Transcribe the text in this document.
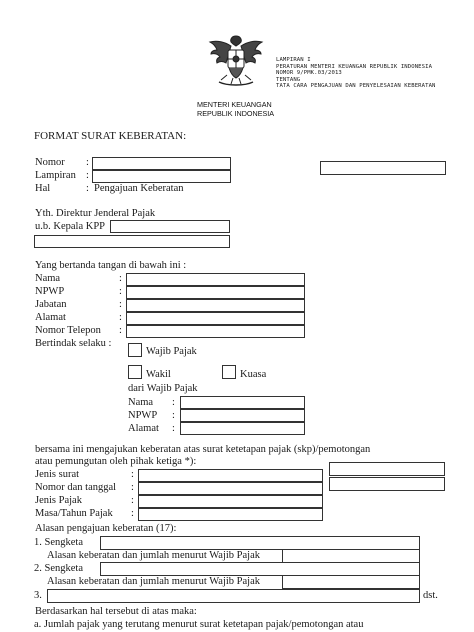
LAMPIRAN I
PERATURAN MENTERI KEUANGAN REPUBLIK INDONESIA
NOMOR 9/PMK.03/2013
TENTANG
TATA CARA PENGAJUAN DAN PENYELESAIAN KEBERATAN
MENTERI KEUANGAN
REPUBLIK INDONESIA
FORMAT SURAT KEBERATAN:
Nomor :
Lampiran :
Hal	: Pengajuan Keberatan
Yth. Direktur Jenderal Pajak
u.b. Kepala KPP
Yang bertanda tangan di bawah ini :
Nama	:
NPWP	:
Jabatan	:
Alamat	:
Nomor Telepon :
Bertindak selaku :
Wajib Pajak
Wakil	Kuasa
dari Wajib Pajak
Nama :
NPWP :
Alamat :
bersama ini mengajukan keberatan atas surat ketetapan pajak (skp)/pemotongan
atau pemungutan oleh pihak ketiga *):
Jenis surat	:
Nomor dan tanggal :
Jenis Pajak	:
Masa/Tahun Pajak :
Alasan pengajuan keberatan (17):
1. Sengketa
Alasan keberatan dan jumlah menurut Wajib Pajak
2. Sengketa
Alasan keberatan dan jumlah menurut Wajib Pajak
3.	dst.
Berdasarkan hal tersebut di atas maka:
a. Jumlah pajak yang terutang menurut surat ketetapan pajak/pemotongan atau
